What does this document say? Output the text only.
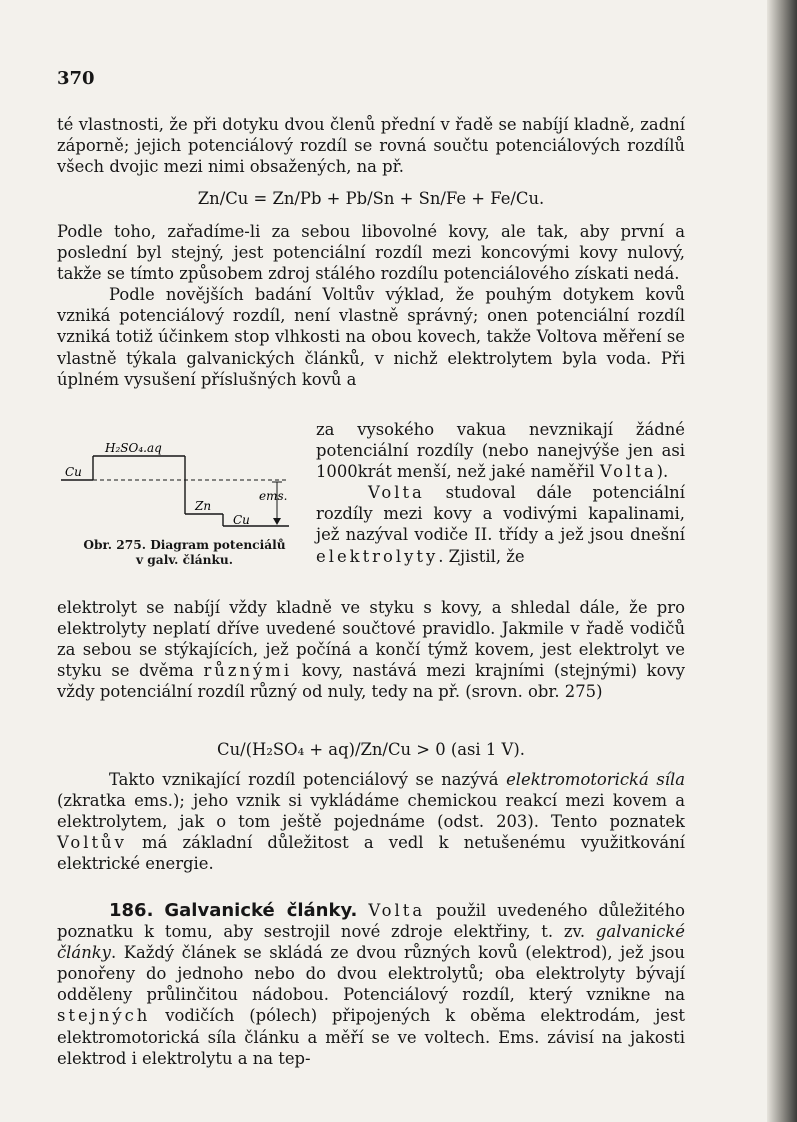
370

té vlastnosti, že při dotyku dvou členů přední v řadě se nabíjí kladně, zadní záporně; jejich potenciálový rozdíl se rovná součtu potenciálových rozdílů všech dvojic mezi nimi obsažených, na př.

Zn/Cu = Zn/Pb + Pb/Sn + Sn/Fe + Fe/Cu.

Podle toho, zařadíme-li za sebou libovolné kovy, ale tak, aby první a poslední byl stejný, jest potenciální rozdíl mezi koncovými kovy nulový, takže se tímto způsobem zdroj stálého rozdílu potenciálového získati nedá.

Podle novějších badání Voltův výklad, že pouhým dotykem kovů vzniká potenciálový rozdíl, není vlastně správný; onen potenciální rozdíl vzniká totiž účinkem stop vlhkosti na obou kovech, takže Voltova měření se vlastně týkala galvanických článků, v nichž elektrolytem byla voda. Při úplném vysušení příslušných kovů a

H₂SO₄.aq
Cu
Zn
Cu
ems.
Obr. 275. Diagram potenciálů
v galv. článku.

za vysokého vakua nevznikají žádné potenciální rozdíly (nebo nanejvýše jen asi 1000krát menší, než jaké naměřil Volta).

Volta studoval dále potenciální rozdíly mezi kovy a vodivými kapalinami, jež nazýval vodiče II. třídy a jež jsou dnešní elektrolyty. Zjistil, že

elektrolyt se nabíjí vždy kladně ve styku s kovy, a shledal dále, že pro elektrolyty neplatí dříve uvedené součtové pravidlo. Jakmile v řadě vodičů za sebou se stýkajících, jež počíná a končí týmž kovem, jest elektrolyt ve styku se dvěma různými kovy, nastává mezi krajními (stejnými) kovy vždy potenciální rozdíl různý od nuly, tedy na př. (srovn. obr. 275)

Cu/(H₂SO₄ + aq)/Zn/Cu > 0 (asi 1 V).

Takto vznikající rozdíl potenciálový se nazývá elektromotorická síla (zkratka ems.); jeho vznik si vykládáme chemickou reakcí mezi kovem a elektrolytem, jak o tom ještě pojednáme (odst. 203). Tento poznatek Voltův má základní důležitost a vedl k netušenému využitkování elektrické energie.

186. Galvanické články. Volta použil uvedeného důležitého poznatku k tomu, aby sestrojil nové zdroje elektřiny, t. zv. galvanické články. Každý článek se skládá ze dvou různých kovů (elektrod), jež jsou ponořeny do jednoho nebo do dvou elektrolytů; oba elektrolyty bývají odděleny průlinčitou nádobou. Potenciálový rozdíl, který vznikne na stejných vodičích (pólech) připojených k oběma elektrodám, jest elektromotorická síla článku a měří se ve voltech. Ems. závisí na jakosti elektrod i elektrolytu a na tep-
